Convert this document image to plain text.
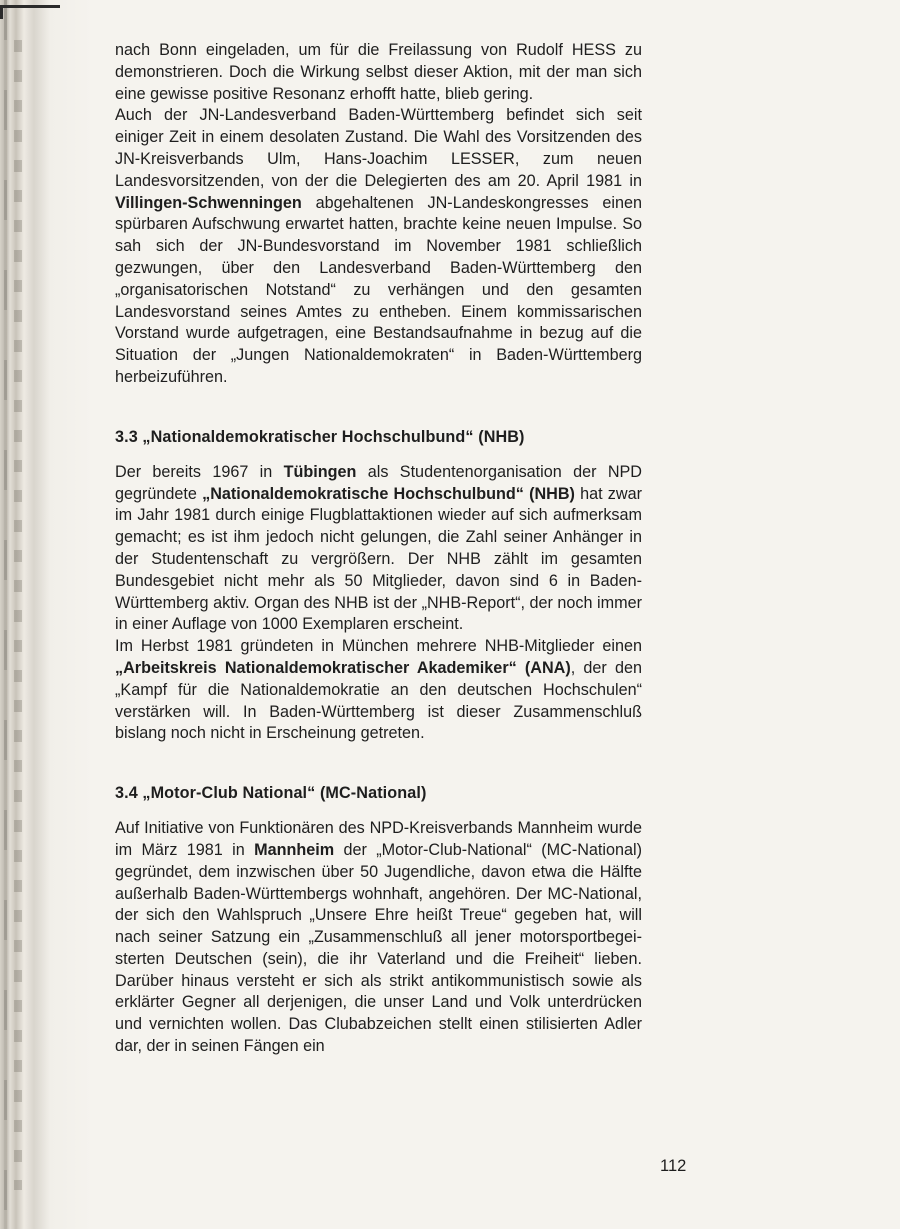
nach Bonn eingeladen, um für die Freilassung von Rudolf HESS zu demonstrieren. Doch die Wirkung selbst dieser Aktion, mit der man sich eine gewisse positive Resonanz erhofft hatte, blieb gering.

Auch der JN-Landesverband Baden-Württemberg befindet sich seit einiger Zeit in einem desolaten Zustand. Die Wahl des Vorsitzenden des JN-Kreisverbands Ulm, Hans-Joachim LESSER, zum neuen Landesvorsitzenden, von der die Delegierten des am 20. April 1981 in Villingen-Schwenningen abgehaltenen JN-Landeskongresses einen spürbaren Aufschwung erwartet hatten, brachte keine neuen Impulse. So sah sich der JN-Bundesvorstand im November 1981 schließlich gezwungen, über den Landesverband Baden-Württemberg den „organisatorischen Notstand“ zu verhängen und den gesamten Landesvorstand seines Amtes zu entheben. Einem kommissarischen Vorstand wurde aufgetragen, eine Bestandsaufnahme in bezug auf die Situation der „Jungen Nationaldemokraten“ in Baden-Württemberg herbeizuführen.

3.3 „Nationaldemokratischer Hochschulbund“ (NHB)

Der bereits 1967 in Tübingen als Studentenorganisation der NPD gegründete „Nationaldemokratische Hochschulbund“ (NHB) hat zwar im Jahr 1981 durch einige Flugblattaktionen wieder auf sich aufmerksam gemacht; es ist ihm jedoch nicht gelungen, die Zahl seiner Anhänger in der Studentenschaft zu vergrößern. Der NHB zählt im gesamten Bundesgebiet nicht mehr als 50 Mitglieder, davon sind 6 in Baden-Württemberg aktiv. Organ des NHB ist der „NHB-Report“, der noch immer in einer Auflage von 1000 Exemplaren erscheint.

Im Herbst 1981 gründeten in München mehrere NHB-Mitglieder einen „Arbeitskreis Nationaldemokratischer Akademiker“ (ANA), der den „Kampf für die Nationaldemokratie an den deutschen Hochschulen“ verstärken will. In Baden-Württemberg ist dieser Zusammenschluß bislang noch nicht in Erscheinung getreten.

3.4 „Motor-Club National“ (MC-National)

Auf Initiative von Funktionären des NPD-Kreisverbands Mannheim wurde im März 1981 in Mannheim der „Motor-Club-National“ (MC-National) gegründet, dem inzwischen über 50 Jugendliche, davon etwa die Hälfte außerhalb Baden-Württembergs wohnhaft, angehören. Der MC-National, der sich den Wahlspruch „Unsere Ehre heißt Treue“ gegeben hat, will nach seiner Satzung ein „Zusammenschluß all jener motorsportbegeisterten Deutschen (sein), die ihr Vaterland und die Freiheit“ lieben. Darüber hinaus versteht er sich als strikt antikommunistisch sowie als erklärter Gegner all derjenigen, die unser Land und Volk unterdrücken und vernichten wollen. Das Clubabzeichen stellt einen stilisierten Adler dar, der in seinen Fängen ein

112
